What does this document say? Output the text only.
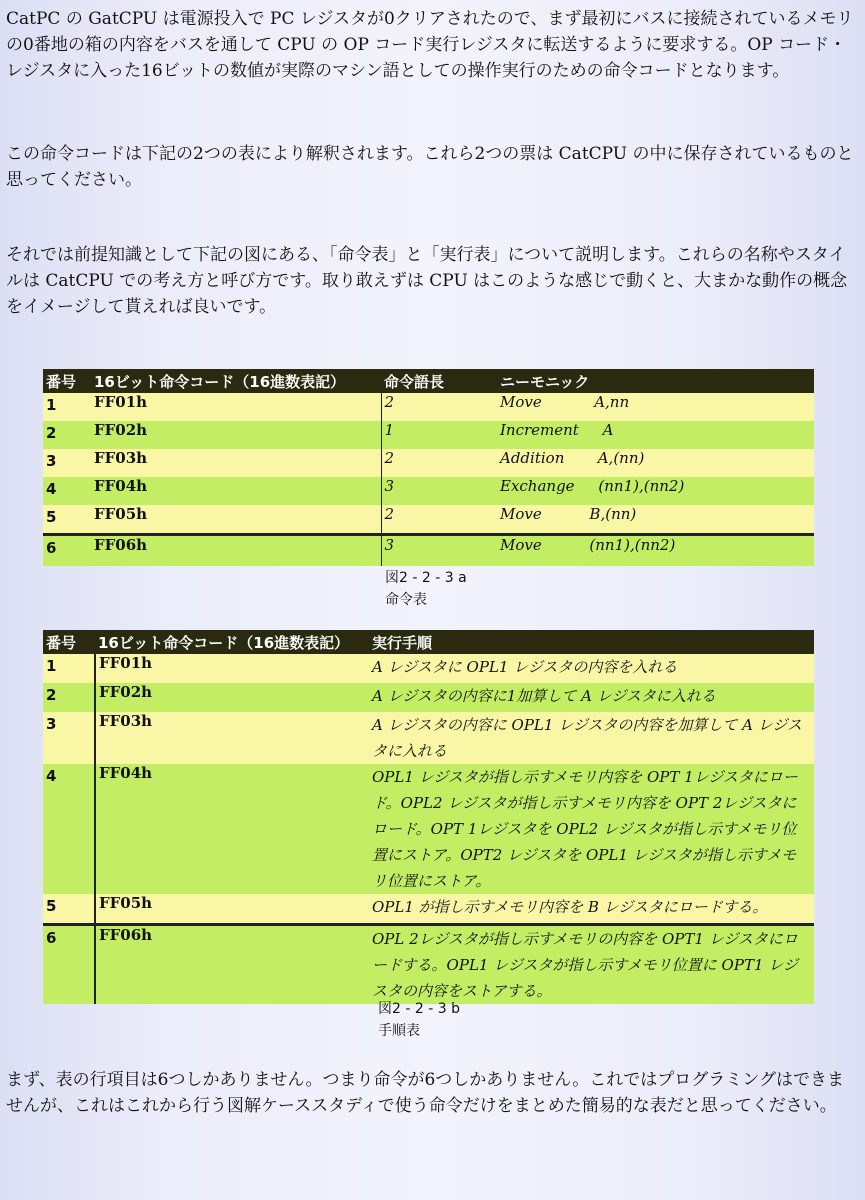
CatPC の GatCPU は電源投入で PC レジスタが0クリアされたので、まず最初にバスに接続されているメモリの0番地の箱の内容をバスを通して CPU の OP コード実行レジスタに転送するように要求する。OP コード・レジスタに入った16ビットの数値が実際のマシン語としての操作実行のための命令コードとなります。

この命令コードは下記の2つの表により解釈されます。これら2つの票は CatCPU の中に保存されているものと思ってください。

それでは前提知識として下記の図にある、「命令表」と「実行表」について説明します。これらの名称やスタイルは CatCPU での考え方と呼び方です。取り敢えずは CPU はこのような感じで動くと、大まかな動作の概念をイメージして貰えれば良いです。

番号	16ビット命令コード（16進数表記）	命令語長	ニーモニック
1	FF01h	2	Move           A,nn
2	FF02h	1	Increment     A
3	FF03h	2	Addition       A,(nn)
4	FF04h	3	Exchange     (nn1),(nn2)
5	FF05h	2	Move          B,(nn)
6	FF06h	3	Move          (nn1),(nn2)
図2 - 2 - 3 a
命令表
番号	16ビット命令コード（16進数表記）	実行手順
1	FF01h	A レジスタに OPL1 レジスタの内容を入れる
2	FF02h	A レジスタの内容に1加算して A レジスタに入れる
3	FF03h	A レジスタの内容に OPL1 レジスタの内容を加算して A レジスタに入れる
4	FF04h	OPL1 レジスタが指し示すメモリ内容を OPT 1レジスタにロード。OPL2 レジスタが指し示すメモリ内容を OPT 2レジスタにロード。OPT 1レジスタを OPL2 レジスタが指し示すメモリ位置にストア。OPT2 レジスタを OPL1 レジスタが指し示すメモリ位置にストア。
5	FF05h	OPL1 が指し示すメモリ内容を B レジスタにロードする。
6	FF06h	OPL 2レジスタが指し示すメモリの内容を OPT1 レジスタにロードする。OPL1 レジスタが指し示すメモリ位置に OPT1 レジスタの内容をストアする。
図2 - 2 - 3 b
手順表

まず、表の行項目は6つしかありません。つまり命令が6つしかありません。これではプログラミングはできませんが、これはこれから行う図解ケーススタディで使う命令だけをまとめた簡易的な表だと思ってください。
